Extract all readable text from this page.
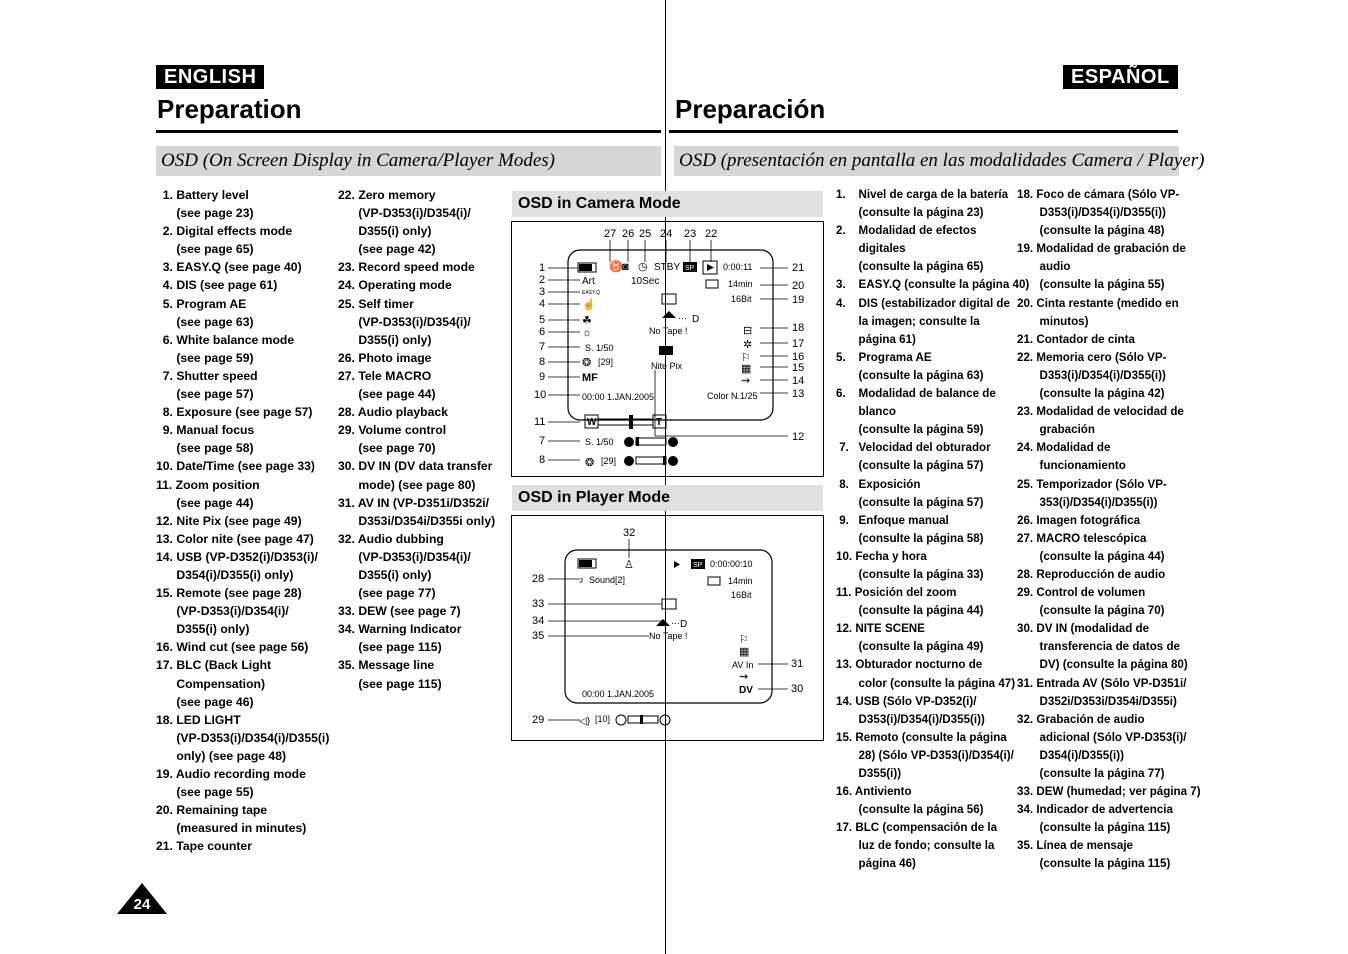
ENGLISH	ESPAÑOL
Preparation	Preparación
OSD (On Screen Display in Camera/Player Modes)	OSD (presentación en pantalla en las modalidades Camera / Player)
1. Battery level
(see page 23)
2. Digital effects mode
(see page 65)
3. EASY.Q (see page 40)
4. DIS (see page 61)
5. Program AE
(see page 63)
6. White balance mode
(see page 59)
7. Shutter speed
(see page 57)
8. Exposure (see page 57)
9. Manual focus
(see page 58)
10. Date/Time (see page 33)
11. Zoom position
(see page 44)
12. Nite Pix (see page 49)
13. Color nite (see page 47)
14. USB (VP-D352(i)/D353(i)/
D354(i)/D355(i) only)
15. Remote (see page 28)
(VP-D353(i)/D354(i)/
D355(i) only)
16. Wind cut (see page 56)
17. BLC (Back Light
Compensation)
(see page 46)
18. LED LIGHT
(VP-D353(i)/D354(i)/D355(i)
only) (see page 48)
19. Audio recording mode
(see page 55)
20. Remaining tape
(measured in minutes)
21. Tape counter
22. Zero memory
(VP-D353(i)/D354(i)/
D355(i) only)
(see page 42)
23. Record speed mode
24. Operating mode
25. Self timer
(VP-D353(i)/D354(i)/
D355(i) only)
26. Photo image
27. Tele MACRO
(see page 44)
28. Audio playback
29. Volume control
(see page 70)
30. DV IN (DV data transfer
mode) (see page 80)
31. AV IN (VP-D351i/D352i/
D353i/D354i/D355i only)
32. Audio dubbing
(VP-D353(i)/D354(i)/
D355(i) only)
(see page 77)
33. DEW (see page 7)
34. Warning Indicator
(see page 115)
35. Message line
(see page 115)
1.    Nivel de carga de la batería
(consulte la página 23)
2.    Modalidad de efectos
digitales
(consulte la página 65)
3.    EASY.Q (consulte la página 40)
4.    DIS (estabilizador digital de
la imagen; consulte la
página 61)
5.    Programa AE
(consulte la página 63)
6.    Modalidad de balance de
blanco
(consulte la página 59)
7.   Velocidad del obturador
(consulte la página 57)
8.   Exposición
(consulte la página 57)
9.   Enfoque manual
(consulte la página 58)
10. Fecha y hora
(consulte la página 33)
11. Posición del zoom
(consulte la página 44)
12. NITE SCENE
(consulte la página 49)
13. Obturador nocturno de
color (consulte la página 47)
14. USB (Sólo VP-D352(i)/
D353(i)/D354(i)/D355(i))
15. Remoto (consulte la página
28) (Sólo VP-D353(i)/D354(i)/
D355(i))
16. Antiviento
(consulte la página 56)
17. BLC (compensación de la
luz de fondo; consulte la
página 46)
18. Foco de cámara (Sólo VP-
D353(i)/D354(i)/D355(i))
(consulte la página 48)
19. Modalidad de grabación de
audio
(consulte la página 55)
20. Cinta restante (medido en
minutos)
21. Contador de cinta
22. Memoria cero (Sólo VP-
D353(i)/D354(i)/D355(i))
(consulte la página 42)
23. Modalidad de velocidad de
grabación
24. Modalidad de
funcionamiento
25. Temporizador (Sólo VP-
353(i)/D354(i)/D355(i))
26. Imagen fotográfica
27. MACRO telescópica
(consulte la página 44)
28. Reproducción de audio
29. Control de volumen
(consulte la página 70)
30. DV IN (modalidad de
transferencia de datos de
DV) (consulte la página 80)
31. Entrada AV (Sólo VP-D351i/
D352i/D353i/D354i/D355i)
32. Grabación de audio
adicional (Sólo VP-D353(i)/
D354(i)/D355(i))
(consulte la página 77)
33. DEW (humedad; ver página 7)
34. Indicador de advertencia
(consulte la página 115)
35. Línea de mensaje
(consulte la página 115)
OSD in Camera Mode
27 26 25 24 23 22
1
2
3
4
5
6
7
8
9
10
11
7
8
21
20
19
18
17
16
15
14
13
12
Art
EASY.Q
☝
☘
☼
S. 1/50
❂ [29]
MF
00:00 1.JAN.2005
♉ ◙ ◷ STBY SP	0:00:11
10Sec	14min
16Bit
··· D
No Tape !
Nite Pix
⊟
✲
⚐
▦
⇝
Color N.1/25
W	T
S. 1/50
❂ [29]
OSD in Player Mode
32
28
33
34
35
29
31
30
♙	SP 0:00:00:10
♪ Sound[2]	14min
16Bit
··· D
No Tape !	⚐
▦
AV In
⇝
DV
00:00 1.JAN.2005
◁) [10]
24
